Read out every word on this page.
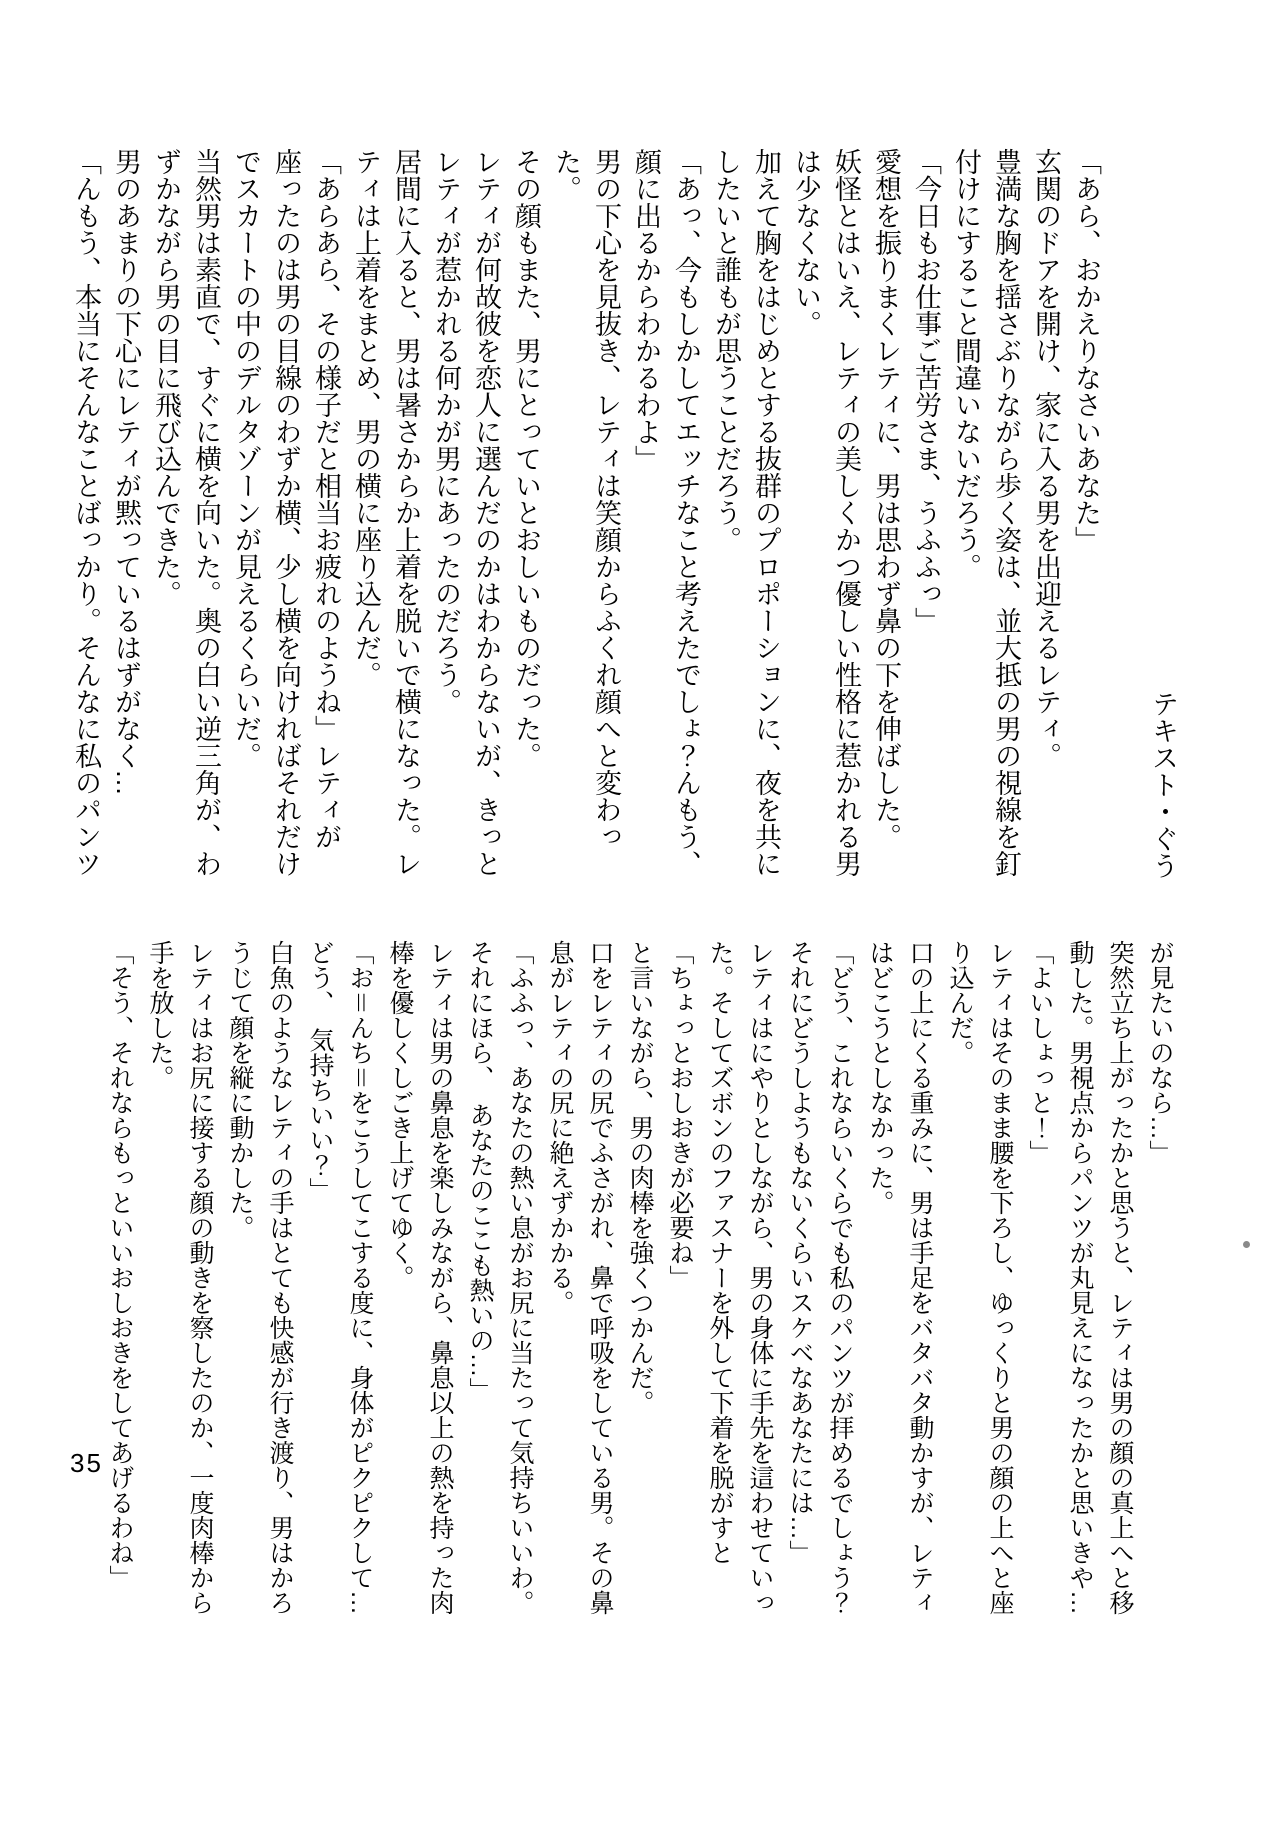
「あら、おかえりなさいあなた」

玄関のドアを開け、家に入る男を出迎えるレティ。

豊満な胸を揺さぶりながら歩く姿は、並大抵の男の視線を釘付けにすること間違いないだろう。

「今日もお仕事ご苦労さま、うふふっ」

愛想を振りまくレティに、男は思わず鼻の下を伸ばした。

妖怪とはいえ、レティの美しくかつ優しい性格に惹かれる男は少なくない。

加えて胸をはじめとする抜群のプロポーションに、夜を共にしたいと誰もが思うことだろう。

「あっ、今もしかしてエッチなこと考えたでしょ？んもう、顔に出るからわかるわよ」

男の下心を見抜き、レティは笑顔からふくれ顔へと変わった。

その顔もまた、男にとっていとおしいものだった。

レティが何故彼を恋人に選んだのかはわからないが、きっとレティが惹かれる何かが男にあったのだろう。

居間に入ると、男は暑さからか上着を脱いで横になった。レティは上着をまとめ、男の横に座り込んだ。

「あらあら、その様子だと相当お疲れのようね」レティが座ったのは男の目線のわずか横、少し横を向ければそれだけでスカートの中のデルタゾーンが見えるくらいだ。

当然男は素直で、すぐに横を向いた。奥の白い逆三角が、わずかながら男の目に飛び込んできた。

男のあまりの下心にレティが黙っているはずがなく…

「んもう、本当にそんなことばっかり。そんなに私のパンツ	テキスト・ぐう

が見たいのなら…」

突然立ち上がったかと思うと、レティは男の顔の真上へと移動した。男視点からパンツが丸見えになったかと思いきや…

「よいしょっと！」

レティはそのまま腰を下ろし、ゆっくりと男の顔の上へと座り込んだ。

口の上にくる重みに、男は手足をバタバタ動かすが、レティはどこうとしなかった。

「どう、これならいくらでも私のパンツが拝めるでしょう？それにどうしようもないくらいスケベなあなたには…」

レティはにやりとしながら、男の身体に手先を這わせていった。そしてズボンのファスナーを外して下着を脱がすと

「ちょっとおしおきが必要ね」

と言いながら、男の肉棒を強くつかんだ。

口をレティの尻でふさがれ、鼻で呼吸をしている男。その鼻息がレティの尻に絶えずかかる。

「ふふっ、あなたの熱い息がお尻に当たって気持ちいいわ。それにほら、　あなたのここも熱いの…」

レティは男の鼻息を楽しみながら、鼻息以上の熱を持った肉棒を優しくしごき上げてゆく。

「お＝んち＝をこうしてこする度に、身体がピクピクして…どう、　気持ちいい？」

白魚のようなレティの手はとても快感が行き渡り、男はかろうじて顔を縦に動かした。

レティはお尻に接する顔の動きを察したのか、一度肉棒から手を放した。

「そう、それならもっといいおしおきをしてあげるわね」

35
